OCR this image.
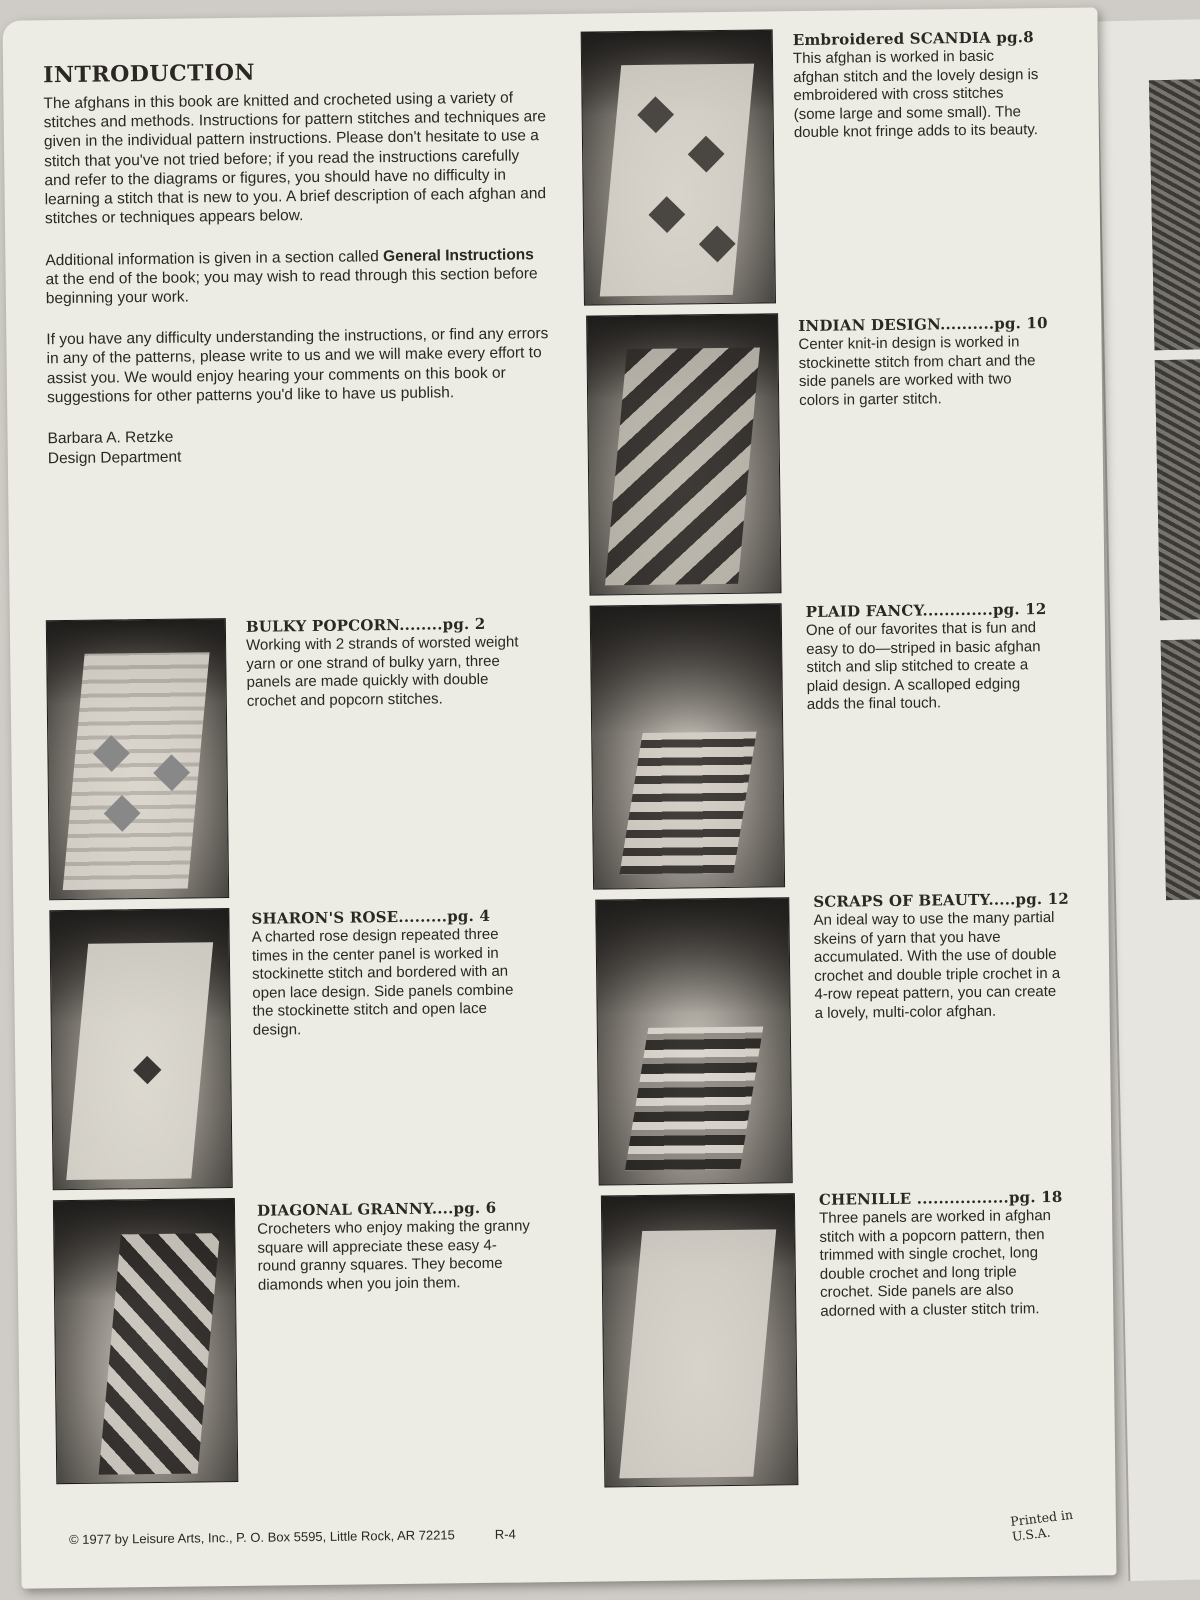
INTRODUCTION

The afghans in this book are knitted and crocheted using a variety of stitches and methods. Instructions for pattern stitches and techniques are given in the individual pattern instructions. Please don't hesitate to use a stitch that you've not tried before; if you read the instructions carefully and refer to the diagrams or figures, you should have no difficulty in learning a stitch that is new to you. A brief description of each afghan and stitches or techniques appears below.

Additional information is given in a section called General Instructions at the end of the book; you may wish to read through this section before beginning your work.

If you have any difficulty understanding the instructions, or find any errors in any of the patterns, please write to us and we will make every effort to assist you. We would enjoy hearing your comments on this book or suggestions for other patterns you'd like to have us publish.

Barbara A. Retzke
Design Department
Embroidered SCANDIA pg.8

This afghan is worked in basic afghan stitch and the lovely design is embroidered with cross stitches (some large and some small). The double knot fringe adds to its beauty.

INDIAN DESIGN..........pg. 10

Center knit-in design is worked in stockinette stitch from chart and the side panels are worked with two colors in garter stitch.

BULKY POPCORN........pg. 2

Working with 2 strands of worsted weight yarn or one strand of bulky yarn, three panels are made quickly with double crochet and popcorn stitches.

PLAID FANCY.............pg. 12

One of our favorites that is fun and easy to do—striped in basic afghan stitch and slip stitched to create a plaid design. A scalloped edging adds the final touch.

SHARON'S ROSE.........pg. 4

A charted rose design repeated three times in the center panel is worked in stockinette stitch and bordered with an open lace design. Side panels combine the stockinette stitch and open lace design.

SCRAPS OF BEAUTY.....pg. 12

An ideal way to use the many partial skeins of yarn that you have accumulated. With the use of double crochet and double triple crochet in a 4-row repeat pattern, you can create a lovely, multi-color afghan.

DIAGONAL GRANNY....pg. 6

Crocheters who enjoy making the granny square will appreciate these easy 4-round granny squares. They become diamonds when you join them.

CHENILLE .................pg. 18

Three panels are worked in afghan stitch with a popcorn pattern, then trimmed with single crochet, long double crochet and long triple crochet. Side panels are also adorned with a cluster stitch trim.

© 1977 by Leisure Arts, Inc., P. O. Box 5595, Little Rock, AR 72215	R-4
Printed in U.S.A.
